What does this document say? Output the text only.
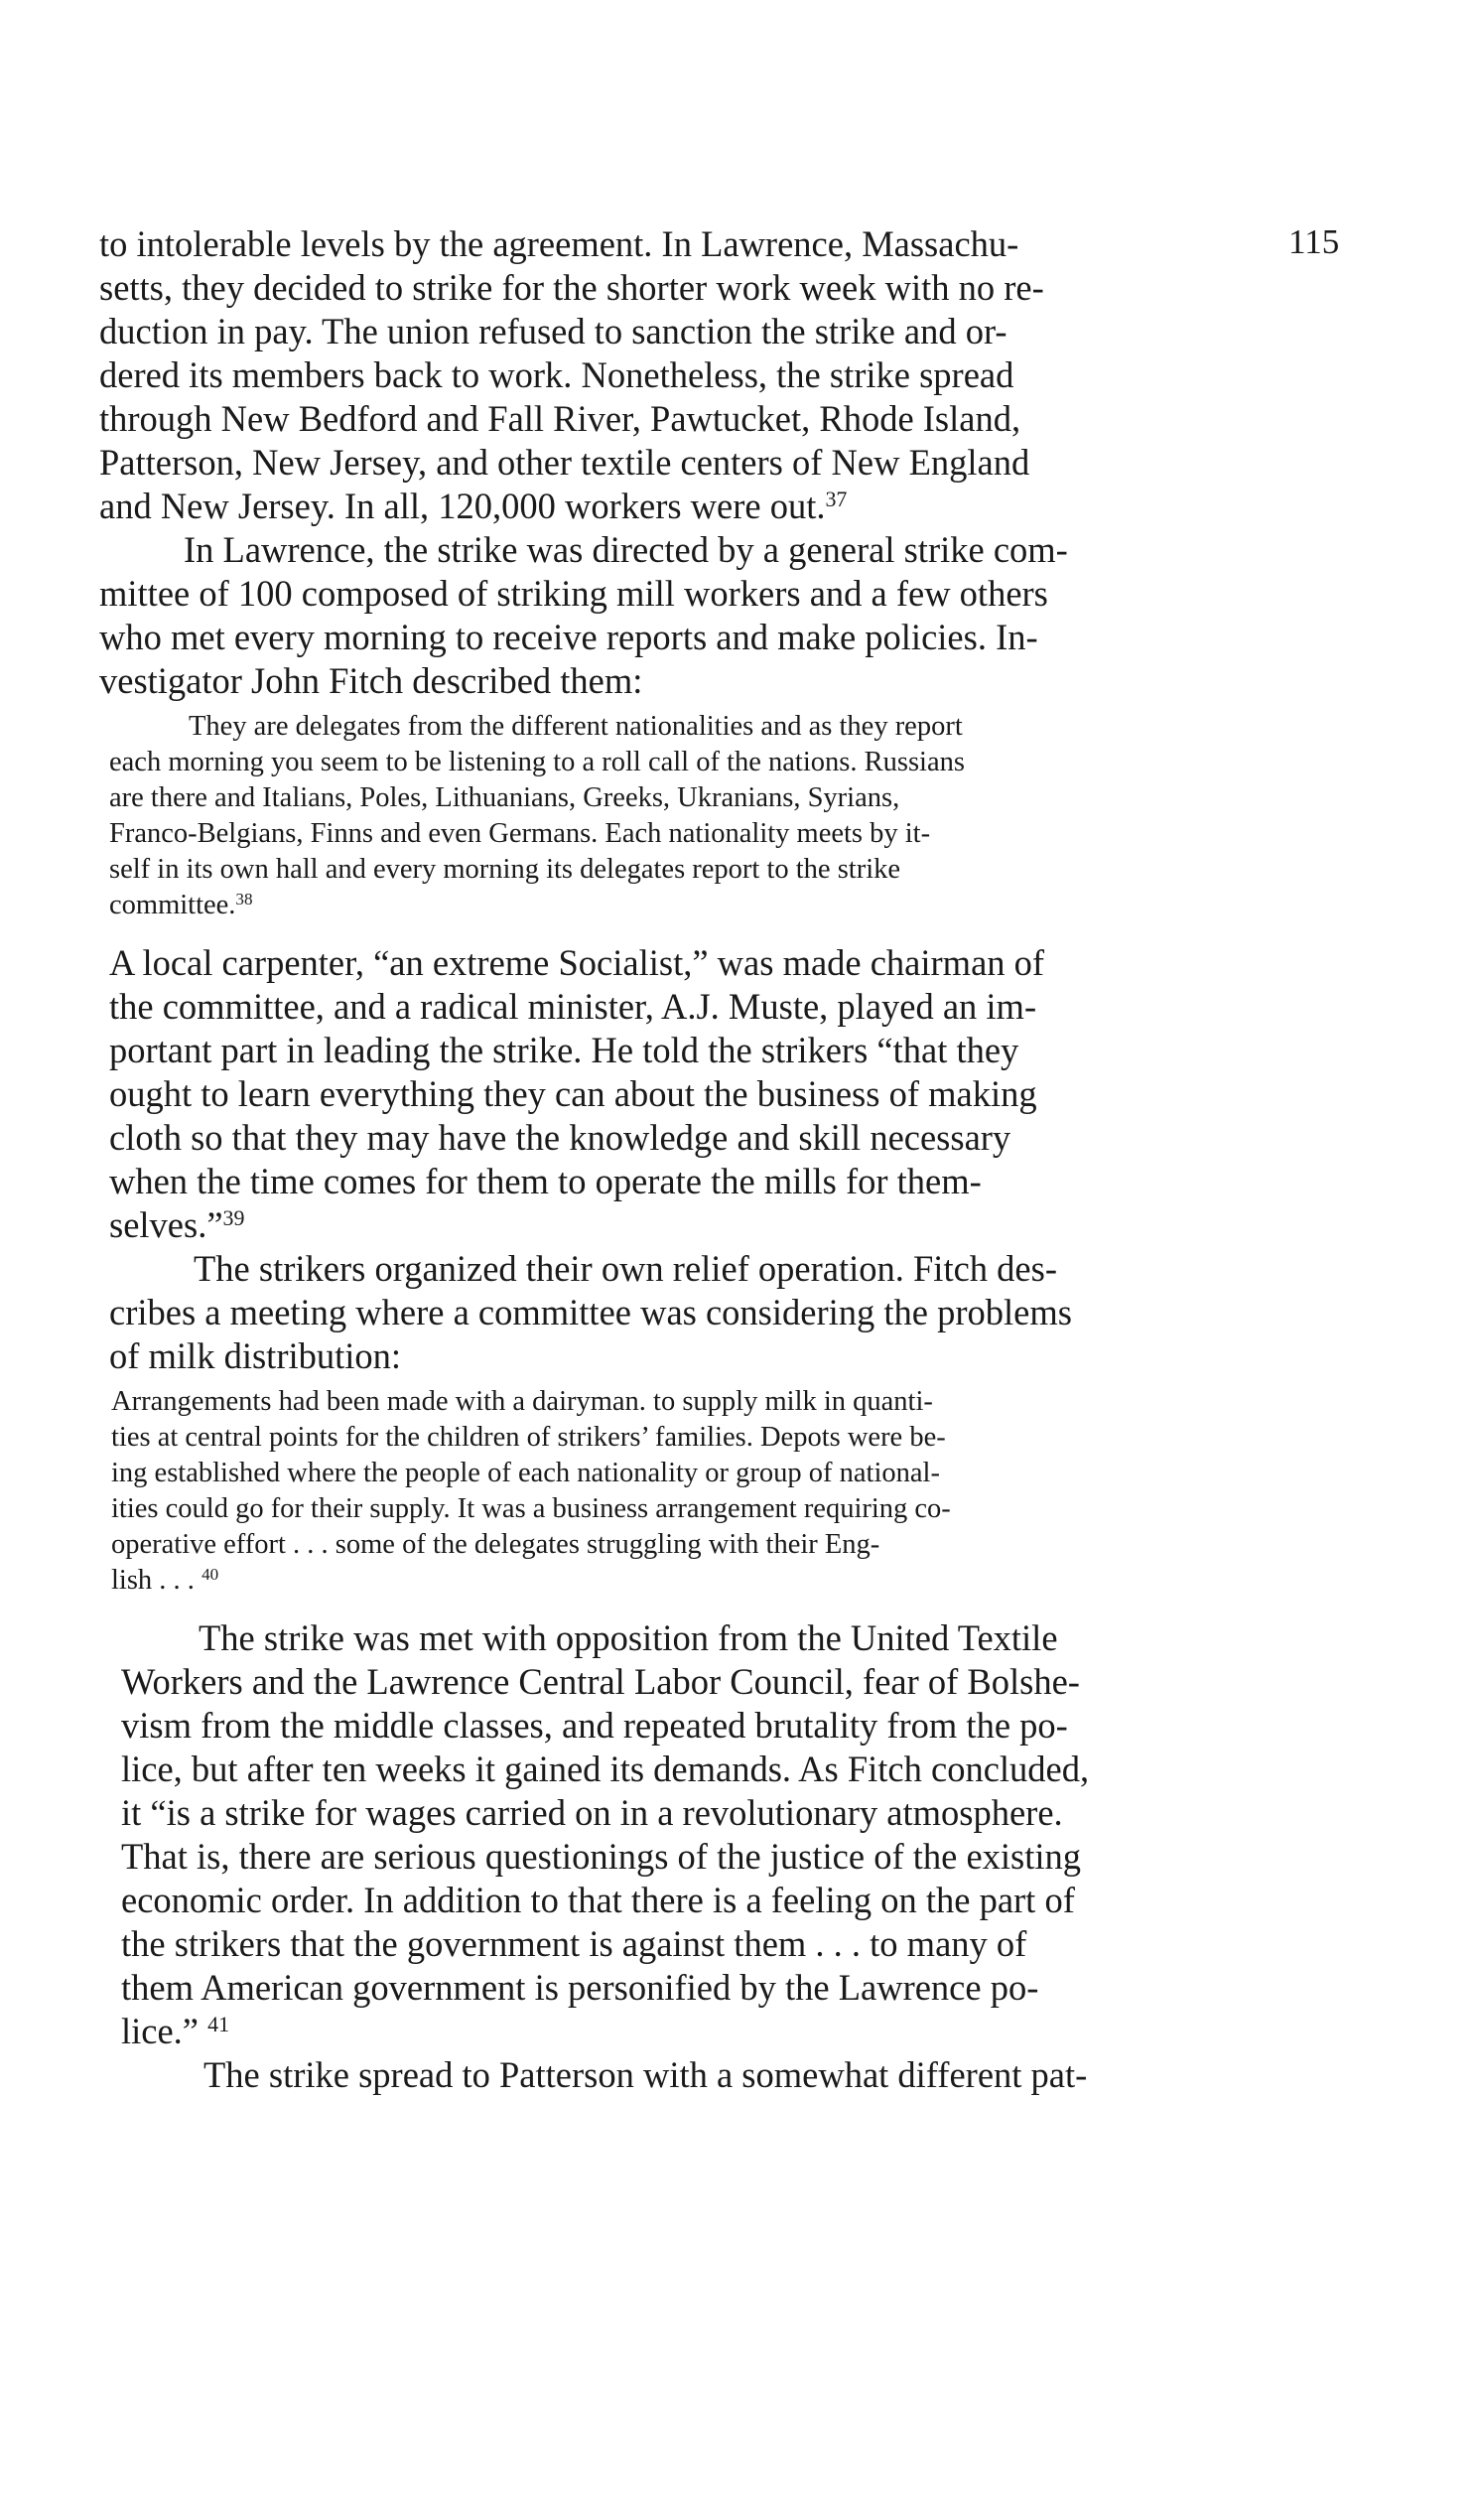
115
to intolerable levels by the agreement. In Lawrence, Massachu-
setts, they decided to strike for the shorter work week with no re-
duction in pay. The union refused to sanction the strike and or-
dered its members back to work. Nonetheless, the strike spread
through New Bedford and Fall River, Pawtucket, Rhode Island,
Patterson, New Jersey, and other textile centers of New England
and New Jersey. In all, 120,000 workers were out.$^{37}$
In Lawrence, the strike was directed by a general strike com-
mittee of 100 composed of striking mill workers and a few others
who met every morning to receive reports and make policies. In-
vestigator John Fitch described them:
They are delegates from the different nationalities and as they report
each morning you seem to be listening to a roll call of the nations. Russians
are there and Italians, Poles, Lithuanians, Greeks, Ukranians, Syrians,
Franco-Belgians, Finns and even Germans. Each nationality meets by it-
self in its own hall and every morning its delegates report to the strike
committee.$^{38}$
A local carpenter, “an extreme Socialist,” was made chairman of
the committee, and a radical minister, A.J. Muste, played an im-
portant part in leading the strike. He told the strikers “that they
ought to learn everything they can about the business of making
cloth so that they may have the knowledge and skill necessary
when the time comes for them to operate the mills for them-
selves.”$^{39}$
The strikers organized their own relief operation. Fitch des-
cribes a meeting where a committee was considering the problems
of milk distribution:
Arrangements had been made with a dairyman. to supply milk in quanti-
ties at central points for the children of strikers’ families. Depots were be-
ing established where the people of each nationality or group of national-
ities could go for their supply. It was a business arrangement requiring co-
operative effort . . . some of the delegates struggling with their Eng-
lish . . . $^{40}$
The strike was met with opposition from the United Textile
Workers and the Lawrence Central Labor Council, fear of Bolshe-
vism from the middle classes, and repeated brutality from the po-
lice, but after ten weeks it gained its demands. As Fitch concluded,
it “is a strike for wages carried on in a revolutionary atmosphere.
That is, there are serious questionings of the justice of the existing
economic order. In addition to that there is a feeling on the part of
the strikers that the government is against them . . . to many of
them American government is personified by the Lawrence po-
lice.” $^{41}$
The strike spread to Patterson with a somewhat different pat-
